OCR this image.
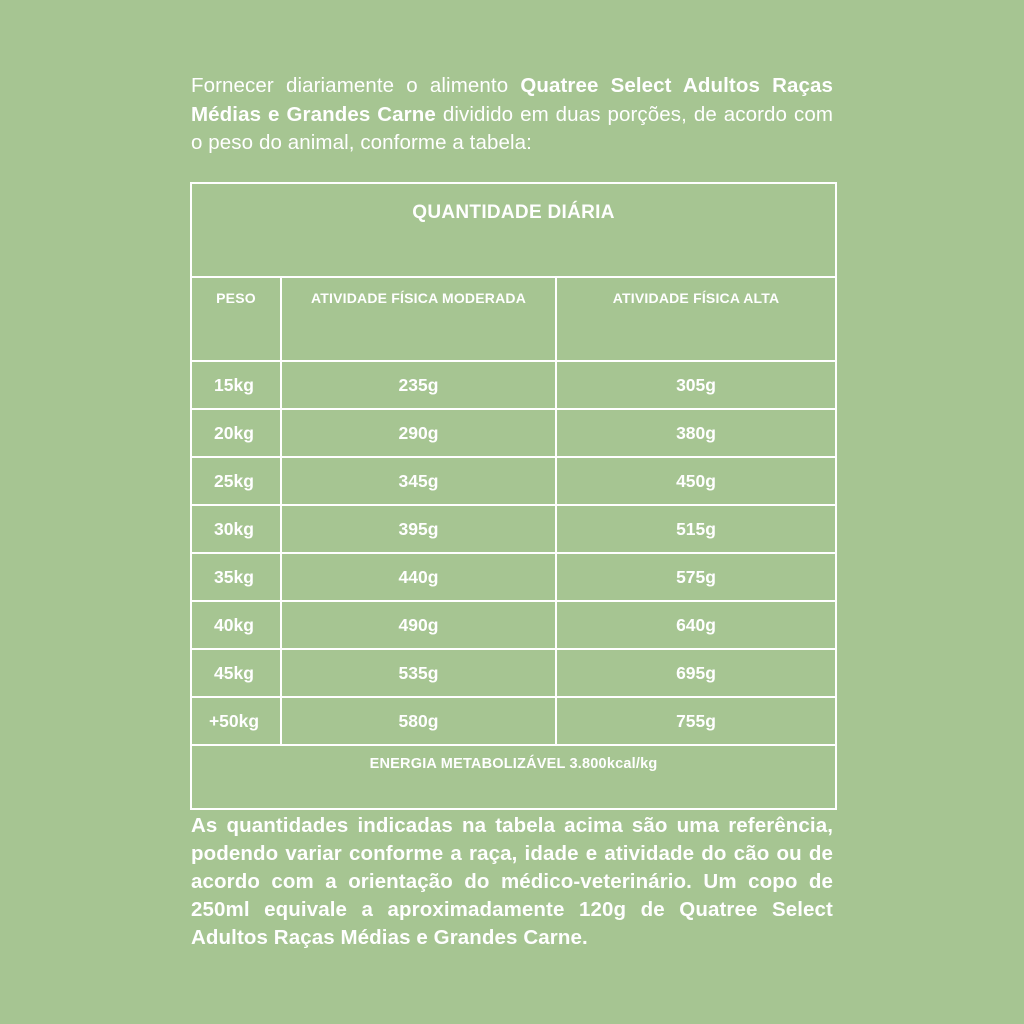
Fornecer diariamente o alimento Quatree Select Adultos Raças Médias e Grandes Carne dividido em duas porções, de acordo com o peso do animal, conforme a tabela:

QUANTIDADE DIÁRIA		
PESO	ATIVIDADE FÍSICA MODERADA	ATIVIDADE FÍSICA ALTA
15kg	235g	305g
20kg	290g	380g
25kg	345g	450g
30kg	395g	515g
35kg	440g	575g
40kg	490g	640g
45kg	535g	695g
+50kg	580g	755g
ENERGIA METABOLIZÁVEL 3.800kcal/kg		

As quantidades indicadas na tabela acima são uma referência, podendo variar conforme a raça, idade e atividade do cão ou de acordo com a orientação do médico-veterinário. Um copo de 250ml equivale a aproximadamente 120g de Quatree Select Adultos Raças Médias e Grandes Carne.
